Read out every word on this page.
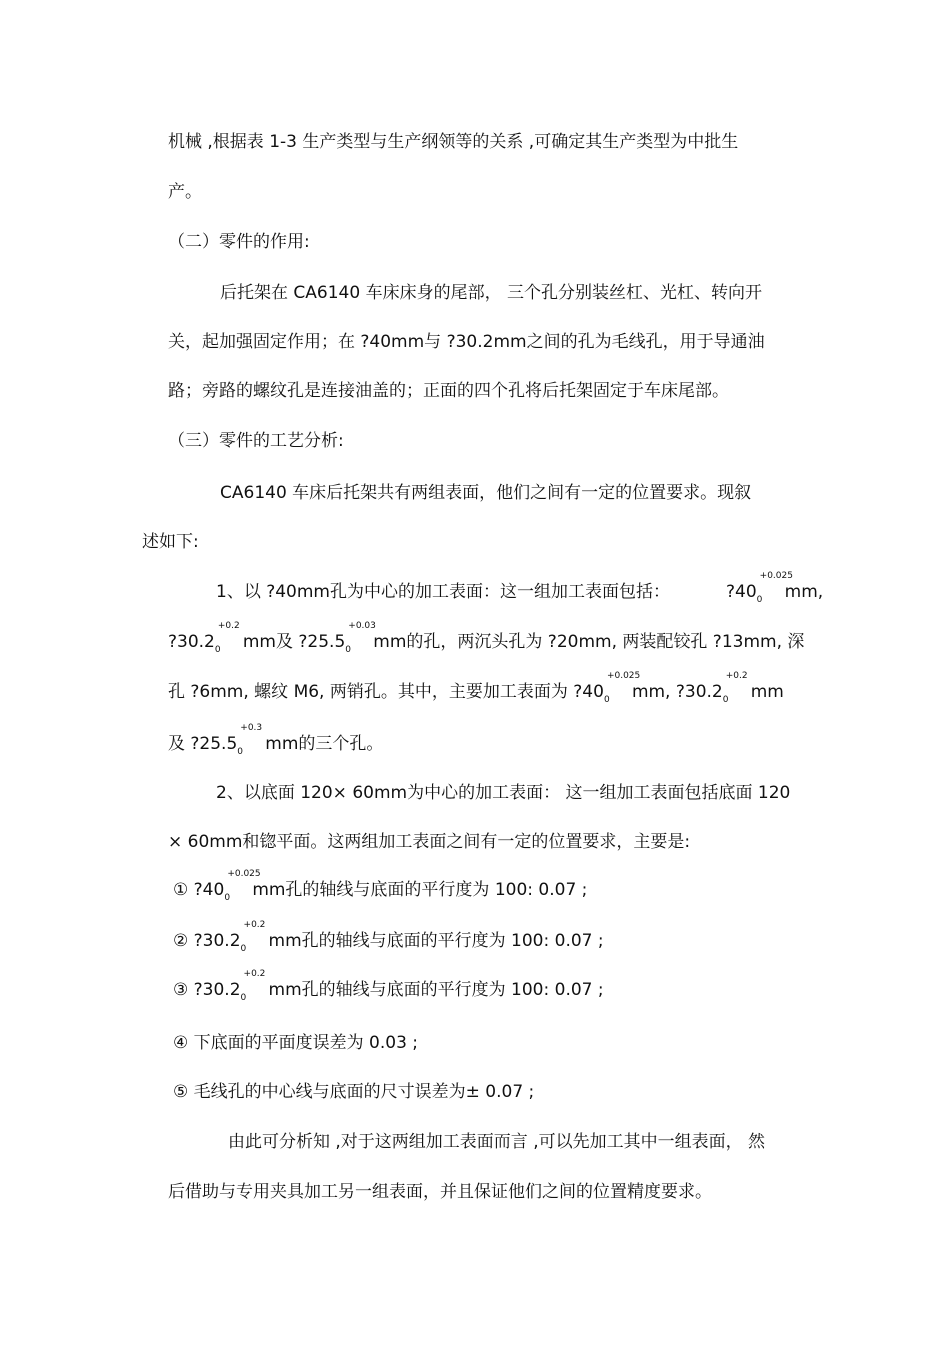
机械 ,根据表 1-3 生产类型与生产纲领等的关系 ,可确定其生产类型为中批生
产。
（二）零件的作用:
后托架在 CA6140 车床床身的尾部， 三个孔分别装丝杠、光杠、转向开
关，起加强固定作用；在 ?40mm与 ?30.2mm之间的孔为毛线孔，用于导通油
路；旁路的螺纹孔是连接油盖的；正面的四个孔将后托架固定于车床尾部。
（三）零件的工艺分析:
CA6140 车床后托架共有两组表面，他们之间有一定的位置要求。现叙
述如下:
1、以 ?40mm孔为中心的加工表面：这一组加工表面包括：	?40
+0.025
0 mm,
?30.2
+0.2
0 mm及 ?25.5
+0.03
0 mm的孔，两沉头孔为 ?20mm, 两装配铰孔 ?13mm, 深
孔 ?6mm, 螺纹 M6, 两销孔。其中，主要加工表面为 ?40
+0.025
0 mm, ?30.2
+0.2
0 mm
及 ?25.5
+0.3
0 mm的三个孔。
2、以底面 120× 60mm为中心的加工表面： 这一组加工表面包括底面 120
× 60mm和锪平面。这两组加工表面之间有一定的位置要求，主要是:
① ?40
+0.025
0 mm孔的轴线与底面的平行度为 100: 0.07 ;
② ?30.2
+0.2
0 mm孔的轴线与底面的平行度为 100: 0.07 ;
③ ?30.2
+0.2
0 mm孔的轴线与底面的平行度为 100: 0.07 ;
④ 下底面的平面度误差为 0.03 ;
⑤ 毛线孔的中心线与底面的尺寸误差为± 0.07 ;
由此可分析知 ,对于这两组加工表面而言 ,可以先加工其中一组表面， 然
后借助与专用夹具加工另一组表面，并且保证他们之间的位置精度要求。
